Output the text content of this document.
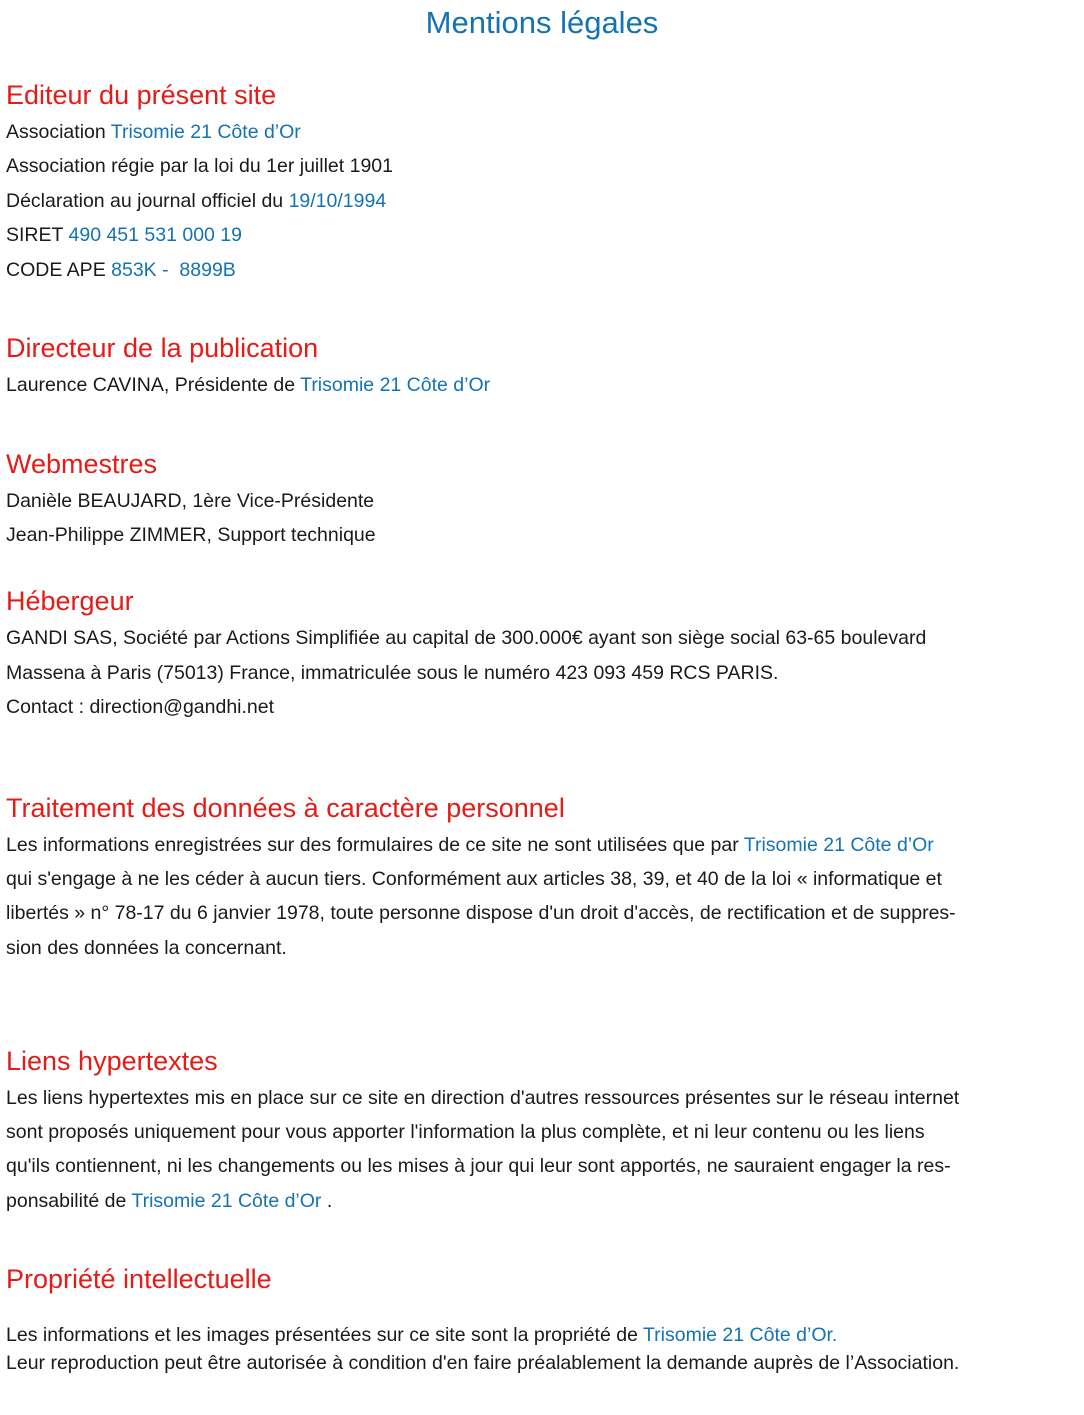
Mentions légales
Editeur du présent site

Association Trisomie 21 Côte d’Or

Association régie par la loi du 1er juillet 1901

Déclaration au journal officiel du 19/10/1994

SIRET 490 451 531 000 19

CODE APE 853K -  8899B

Directeur de la publication

Laurence CAVINA, Présidente de Trisomie 21 Côte d’Or

Webmestres

Danièle BEAUJARD, 1ère Vice-Présidente

Jean-Philippe ZIMMER, Support technique

Hébergeur

GANDI SAS, Société par Actions Simplifiée au capital de 300.000€ ayant son siège social 63-65 boulevard

Massena à Paris (75013) France, immatriculée sous le numéro 423 093 459 RCS PARIS.

Contact : direction@gandhi.net

Traitement des données à caractère personnel

Les informations enregistrées sur des formulaires de ce site ne sont utilisées que par Trisomie 21 Côte d’Or

qui s'engage à ne les céder à aucun tiers. Conformément aux articles 38, 39, et 40 de la loi « informatique et

libertés » n° 78-17 du 6 janvier 1978, toute personne dispose d'un droit d'accès, de rectification et de suppres-

sion des données la concernant.

Liens hypertextes

Les liens hypertextes mis en place sur ce site en direction d'autres ressources présentes sur le réseau internet

sont proposés uniquement pour vous apporter l'information la plus complète, et ni leur contenu ou les liens

qu'ils contiennent, ni les changements ou les mises à jour qui leur sont apportés, ne sauraient engager la res-

ponsabilité de Trisomie 21 Côte d’Or .

Propriété intellectuelle

Les informations et les images présentées sur ce site sont la propriété de Trisomie 21 Côte d’Or.

Leur reproduction peut être autorisée à condition d'en faire préalablement la demande auprès de l’Association.
